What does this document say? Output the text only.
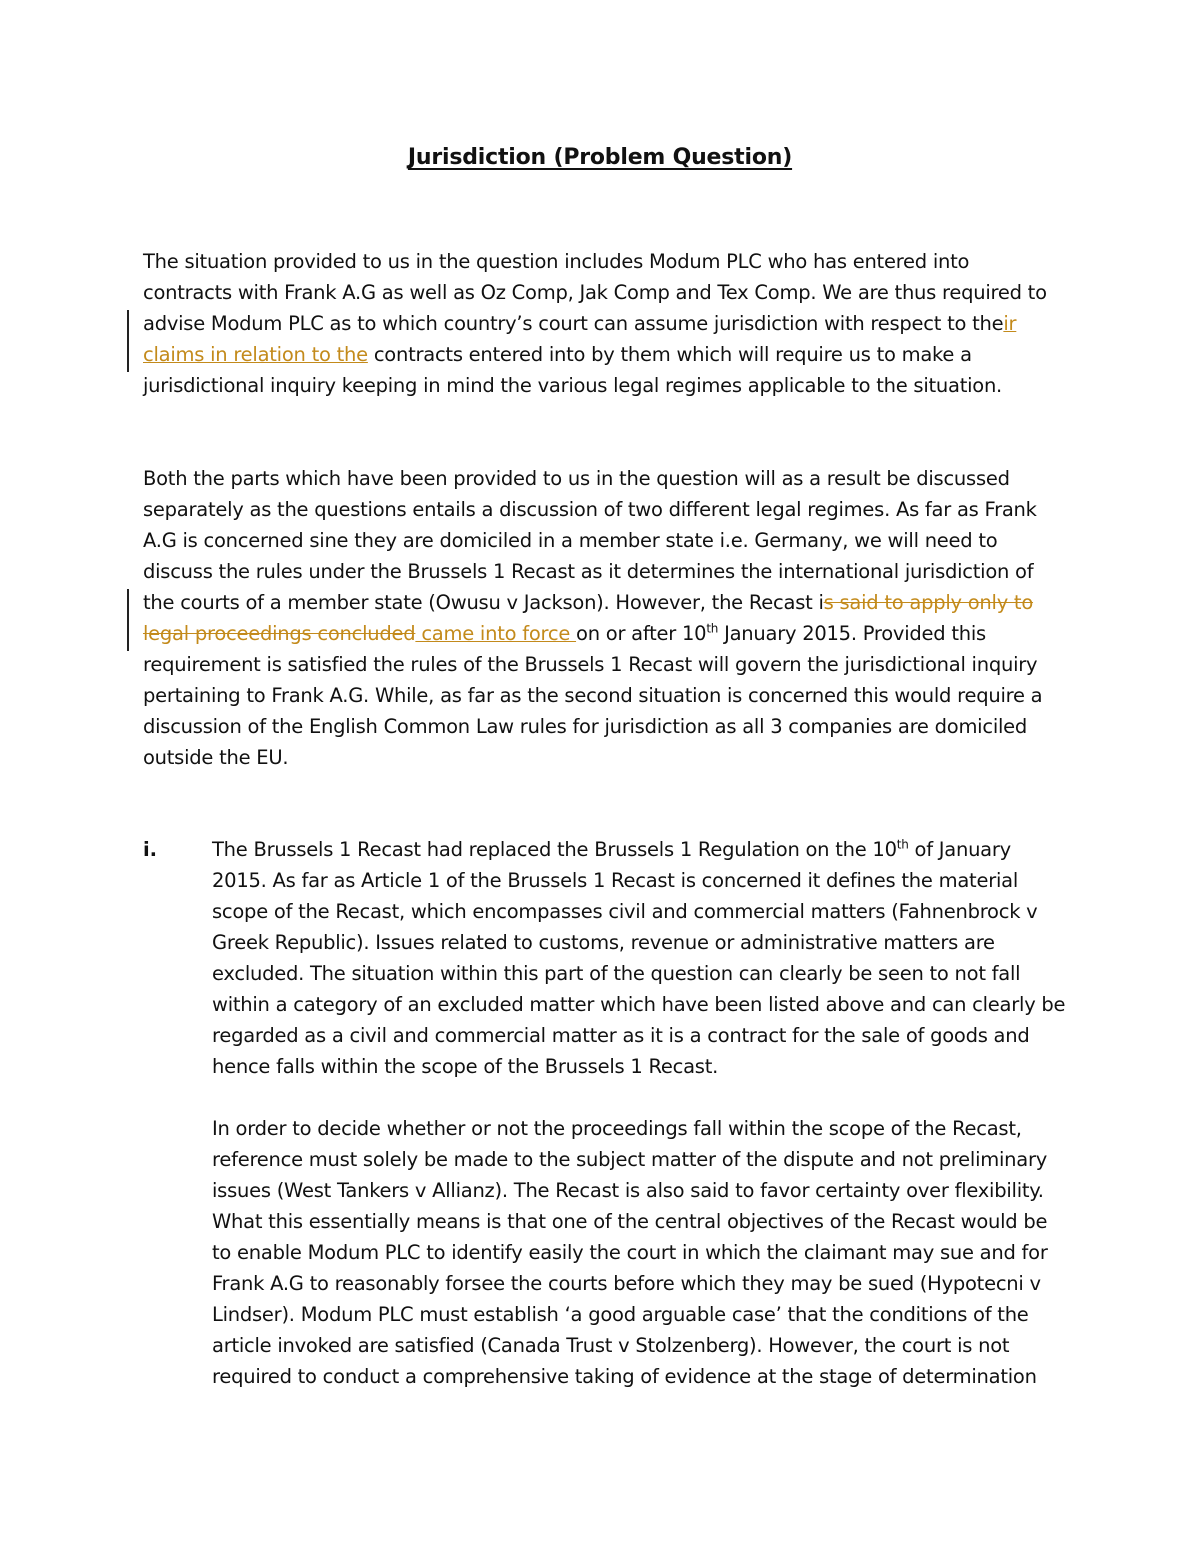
Jurisdiction (Problem Question)
The situation provided to us in the question includes Modum PLC who has entered into
contracts with Frank A.G as well as Oz Comp, Jak Comp and Tex Comp. We are thus required to
advise Modum PLC as to which country’s court can assume jurisdiction with respect to their
claims in relation to the contracts entered into by them which will require us to make a
jurisdictional inquiry keeping in mind the various legal regimes applicable to the situation.
Both the parts which have been provided to us in the question will as a result be discussed
separately as the questions entails a discussion of two different legal regimes. As far as Frank
A.G is concerned sine they are domiciled in a member state i.e. Germany, we will need to
discuss the rules under the Brussels 1 Recast as it determines the international jurisdiction of
the courts of a member state (Owusu v Jackson). However, the Recast is said to apply only to
legal proceedings concluded came into force on or after 10th January 2015. Provided this
requirement is satisfied the rules of the Brussels 1 Recast will govern the jurisdictional inquiry
pertaining to Frank A.G. While, as far as the second situation is concerned this would require a
discussion of the English Common Law rules for jurisdiction as all 3 companies are domiciled
outside the EU.
i.	The Brussels 1 Recast had replaced the Brussels 1 Regulation on the 10th of January
2015. As far as Article 1 of the Brussels 1 Recast is concerned it defines the material
scope of the Recast, which encompasses civil and commercial matters (Fahnenbrock v
Greek Republic). Issues related to customs, revenue or administrative matters are
excluded. The situation within this part of the question can clearly be seen to not fall
within a category of an excluded matter which have been listed above and can clearly be
regarded as a civil and commercial matter as it is a contract for the sale of goods and
hence falls within the scope of the Brussels 1 Recast.
In order to decide whether or not the proceedings fall within the scope of the Recast,
reference must solely be made to the subject matter of the dispute and not preliminary
issues (West Tankers v Allianz). The Recast is also said to favor certainty over flexibility.
What this essentially means is that one of the central objectives of the Recast would be
to enable Modum PLC to identify easily the court in which the claimant may sue and for
Frank A.G to reasonably forsee the courts before which they may be sued (Hypotecni v
Lindser). Modum PLC must establish ‘a good arguable case’ that the conditions of the
article invoked are satisfied (Canada Trust v Stolzenberg). However, the court is not
required to conduct a comprehensive taking of evidence at the stage of determination
